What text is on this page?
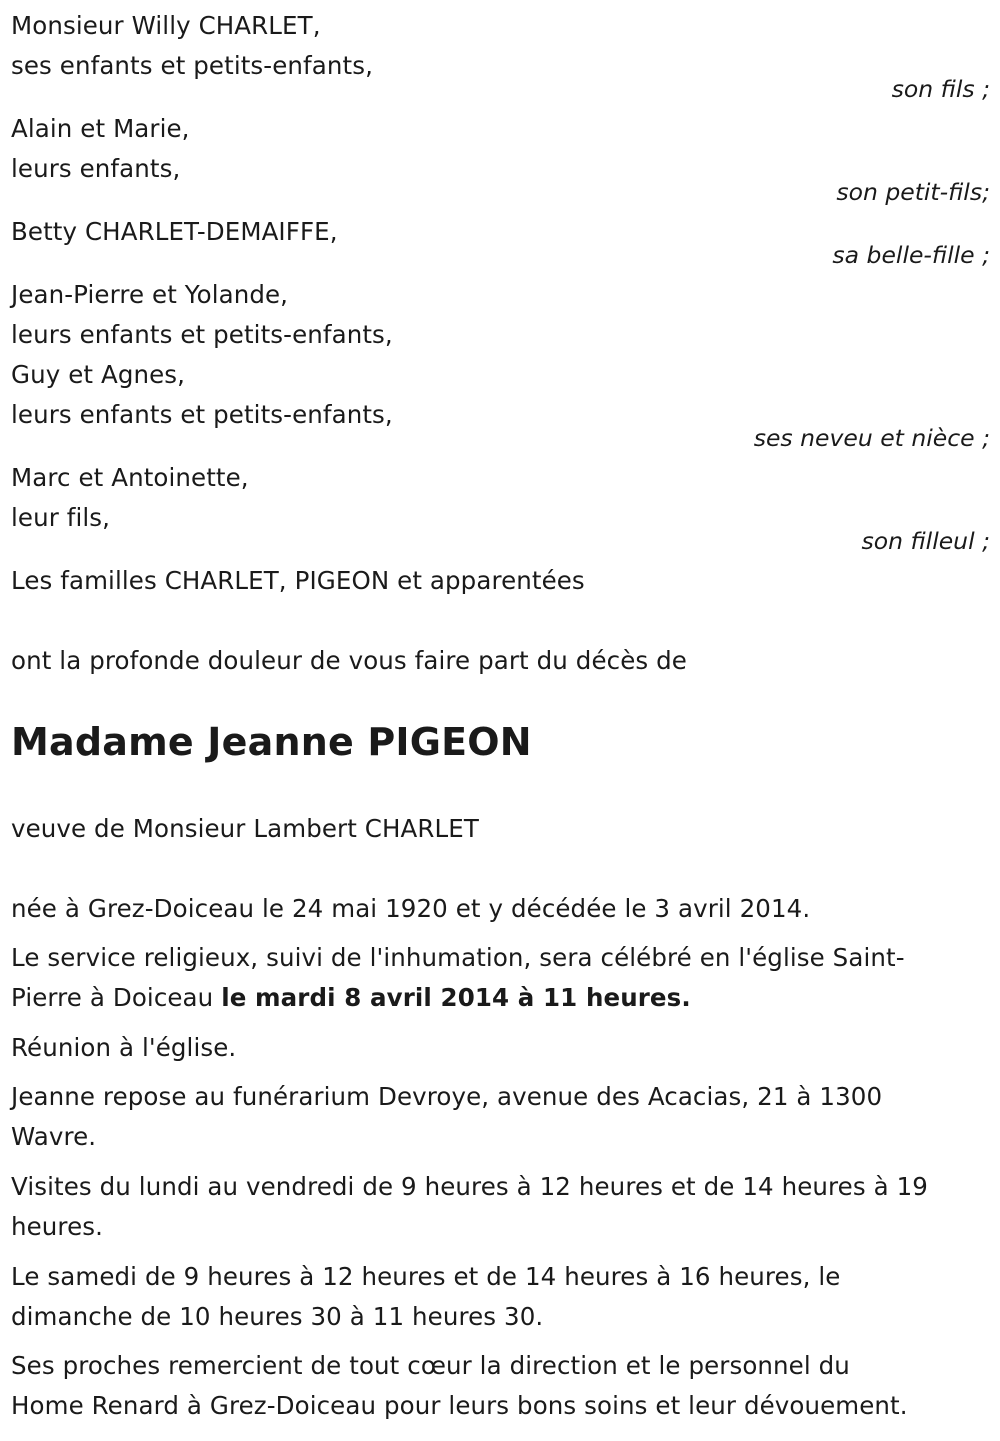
Monsieur Willy CHARLET,
ses enfants et petits-enfants,
son fils ;
Alain et Marie,
leurs enfants,
son petit-fils;
Betty CHARLET-DEMAIFFE,
sa belle-fille ;
Jean-Pierre et Yolande,
leurs enfants et petits-enfants,
Guy et Agnes,
leurs enfants et petits-enfants,
ses neveu et nièce ;
Marc et Antoinette,
leur fils,
son filleul ;
Les familles CHARLET, PIGEON et apparentées
ont la profonde douleur de vous faire part du décès de
Madame Jeanne PIGEON
veuve de Monsieur Lambert CHARLET
née à Grez-Doiceau le 24 mai 1920 et y décédée le 3 avril 2014.
Le service religieux, suivi de l'inhumation, sera célébré en l'église Saint-
Pierre à Doiceau le mardi 8 avril 2014 à 11 heures.
Réunion à l'église.
Jeanne repose au funérarium Devroye, avenue des Acacias, 21 à 1300
Wavre.
Visites du lundi au vendredi de 9 heures à 12 heures et de 14 heures à 19
heures.
Le samedi de 9 heures à 12 heures et de 14 heures à 16 heures, le
dimanche de 10 heures 30 à 11 heures 30.
Ses proches remercient de tout cœur la direction et le personnel du
Home Renard à Grez-Doiceau pour leurs bons soins et leur dévouement.
